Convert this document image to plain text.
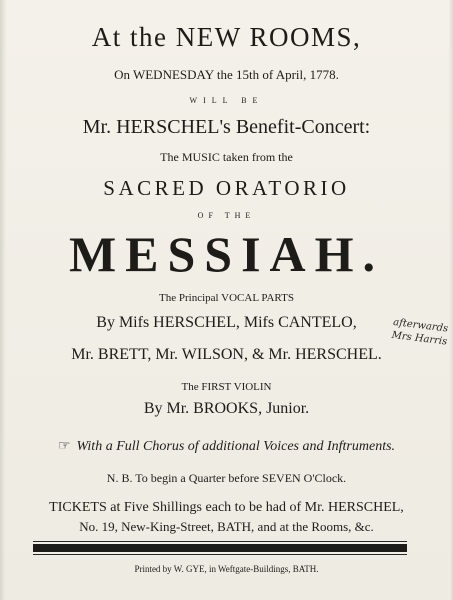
At the NEW ROOMS,
On WEDNESDAY the 15th of April, 1778.
WILL BE
Mr. HERSCHEL's Benefit-Concert:
The MUSIC taken from the
SACRED ORATORIO
OF THE
MESSIAH.
The Principal VOCAL PARTS
By Mifs HERSCHEL, Mifs CANTELO,
Mr. BRETT, Mr. WILSON, & Mr. HERSCHEL.
The FIRST VIOLIN
By Mr. BROOKS, Junior.
☞ With a Full Chorus of additional Voices and Inftruments.
N. B. To begin a Quarter before SEVEN O'Clock.
TICKETS at Five Shillings each to be had of Mr. HERSCHEL,
No. 19, New-King-Street, BATH, and at the Rooms, &c.
Printed by W. GYE, in Weftgate-Buildings, BATH.
afterwards
Mrs Harris
